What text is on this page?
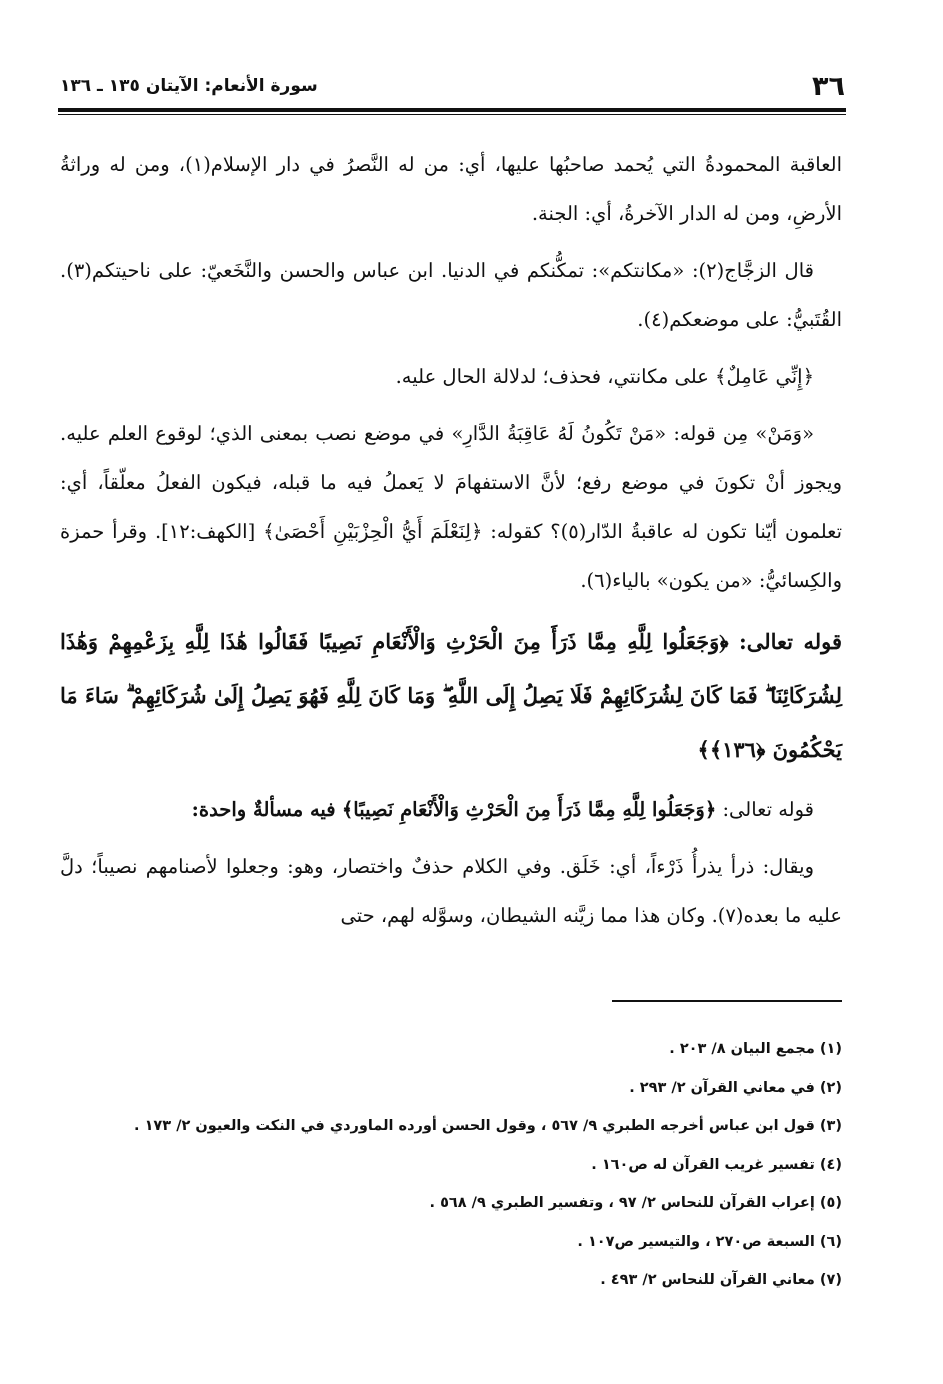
٣٦
سورة الأنعام: الآيتان ١٣٥ ـ ١٣٦

العاقبة المحمودةُ التي يُحمد صاحبُها عليها، أي: من له النَّصرُ في دار الإسلام(١)، ومن له وراثةُ الأرضِ، ومن له الدار الآخرةُ، أي: الجنة.

قال الزجَّاج(٢): «مكانتكم»: تمكُّنكم في الدنيا. ابن عباس والحسن والنَّخَعيّ: على ناحيتكم(٣). القُتَبيُّ: على موضعكم(٤).

﴿إِنِّي عَامِلٌ﴾ على مكانتي، فحذف؛ لدلالة الحال عليه.

«وَمَنْ» مِن قوله: «مَنْ تَكُونُ لَهُ عَاقِبَةُ الدَّارِ» في موضع نصب بمعنى الذي؛ لوقوع العلم عليه. ويجوز أنْ تكونَ في موضع رفع؛ لأنَّ الاستفهامَ لا يَعملُ فيه ما قبله، فيكون الفعلُ معلّقاً، أي: تعلمون أيّنا تكون له عاقبةُ الدّار(٥)؟ كقوله: ﴿لِنَعْلَمَ أَيُّ الْحِزْبَيْنِ أَحْصَىٰ﴾ [الكهف:١٢]. وقرأ حمزة والكِسائيُّ: «من يكون» بالياء(٦).

قوله تعالى: ﴿وَجَعَلُوا لِلَّهِ مِمَّا ذَرَأَ مِنَ الْحَرْثِ وَالْأَنْعَامِ نَصِيبًا فَقَالُوا هَٰذَا لِلَّهِ بِزَعْمِهِمْ وَهَٰذَا لِشُرَكَائِنَا ۖ فَمَا كَانَ لِشُرَكَائِهِمْ فَلَا يَصِلُ إِلَى اللَّهِ ۖ وَمَا كَانَ لِلَّهِ فَهُوَ يَصِلُ إِلَىٰ شُرَكَائِهِمْ ۗ سَاءَ مَا يَحْكُمُونَ ﴿١٣٦﴾﴾

قوله تعالى: ﴿وَجَعَلُوا لِلَّهِ مِمَّا ذَرَأَ مِنَ الْحَرْثِ وَالْأَنْعَامِ نَصِيبًا﴾ فيه مسألةٌ واحدة:

ويقال: ذرأ يذرأُ ذَرْءاً، أي: خَلَق. وفي الكلام حذفٌ واختصار، وهو: وجعلوا لأصنامهم نصيباً؛ دلَّ عليه ما بعده(٧). وكان هذا مما زيَّنه الشيطان، وسوَّله لهم، حتى

(١) مجمع البيان ٨/ ٢٠٣ .
(٢) في معاني القرآن ٢/ ٢٩٣ .
(٣) قول ابن عباس أخرجه الطبري ٩/ ٥٦٧ ، وقول الحسن أورده الماوردي في النكت والعيون ٢/ ١٧٣ .
(٤) تفسير غريب القرآن له ص١٦٠ .
(٥) إعراب القرآن للنحاس ٢/ ٩٧ ، وتفسير الطبري ٩/ ٥٦٨ .
(٦) السبعة ص٢٧٠ ، والتيسير ص١٠٧ .
(٧) معاني القرآن للنحاس ٢/ ٤٩٣ .
